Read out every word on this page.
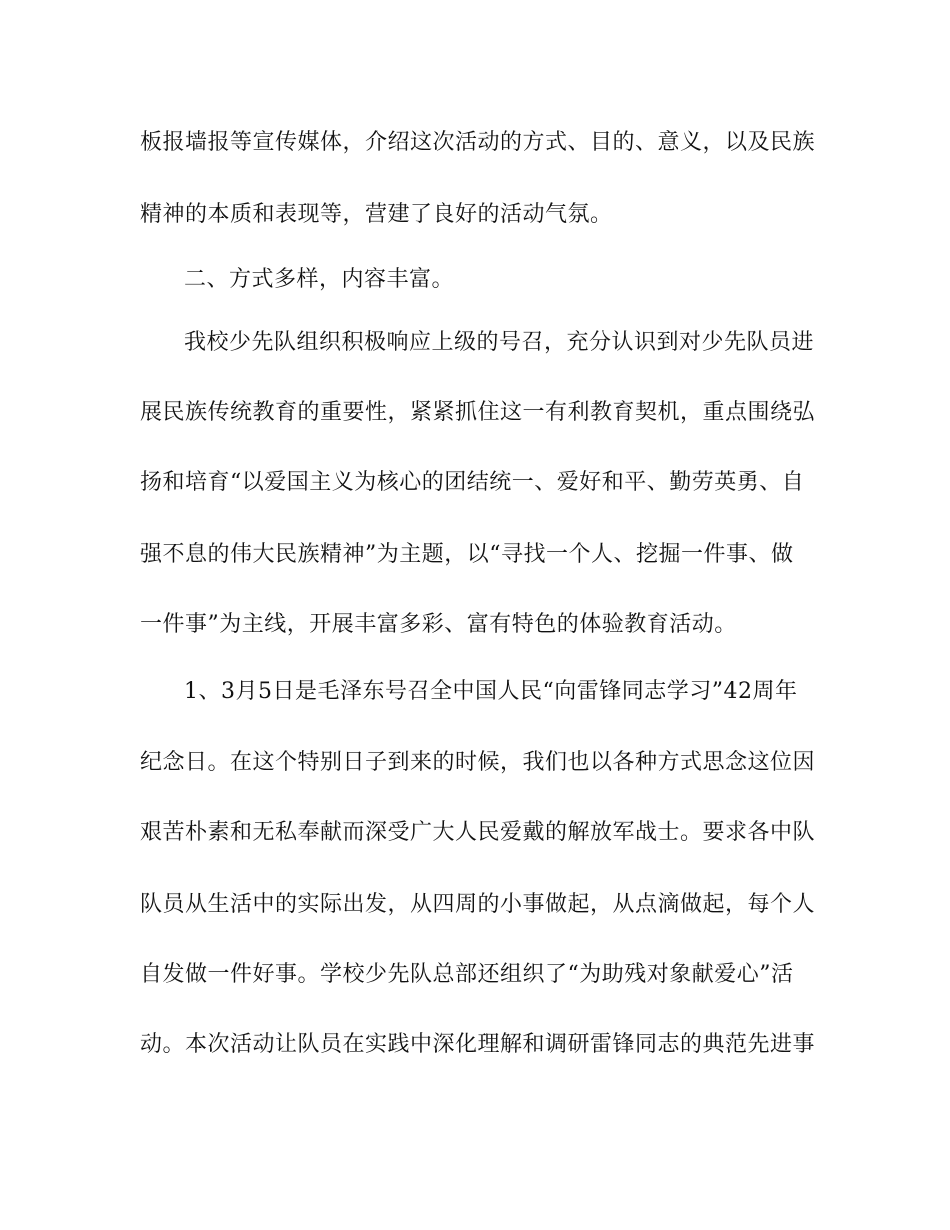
板报墙报等宣传媒体，介绍这次活动的方式、目的、意义，以及民族
精神的本质和表现等，营建了良好的活动气氛。
二、方式多样，内容丰富。
我校少先队组织积极响应上级的号召，充分认识到对少先队员进
展民族传统教育的重要性，紧紧抓住这一有利教育契机，重点围绕弘
扬和培育“以爱国主义为核心的团结统一、爱好和平、勤劳英勇、自
强不息的伟大民族精神”为主题，以“寻找一个人、挖掘一件事、做
一件事”为主线，开展丰富多彩、富有特色的体验教育活动。
1、3月5日是毛泽东号召全中国人民“向雷锋同志学习”42周年
纪念日。在这个特别日子到来的时候，我们也以各种方式思念这位因
艰苦朴素和无私奉献而深受广大人民爱戴的解放军战士。要求各中队
队员从生活中的实际出发，从四周的小事做起，从点滴做起，每个人
自发做一件好事。学校少先队总部还组织了“为助残对象献爱心”活
动。本次活动让队员在实践中深化理解和调研雷锋同志的典范先进事
